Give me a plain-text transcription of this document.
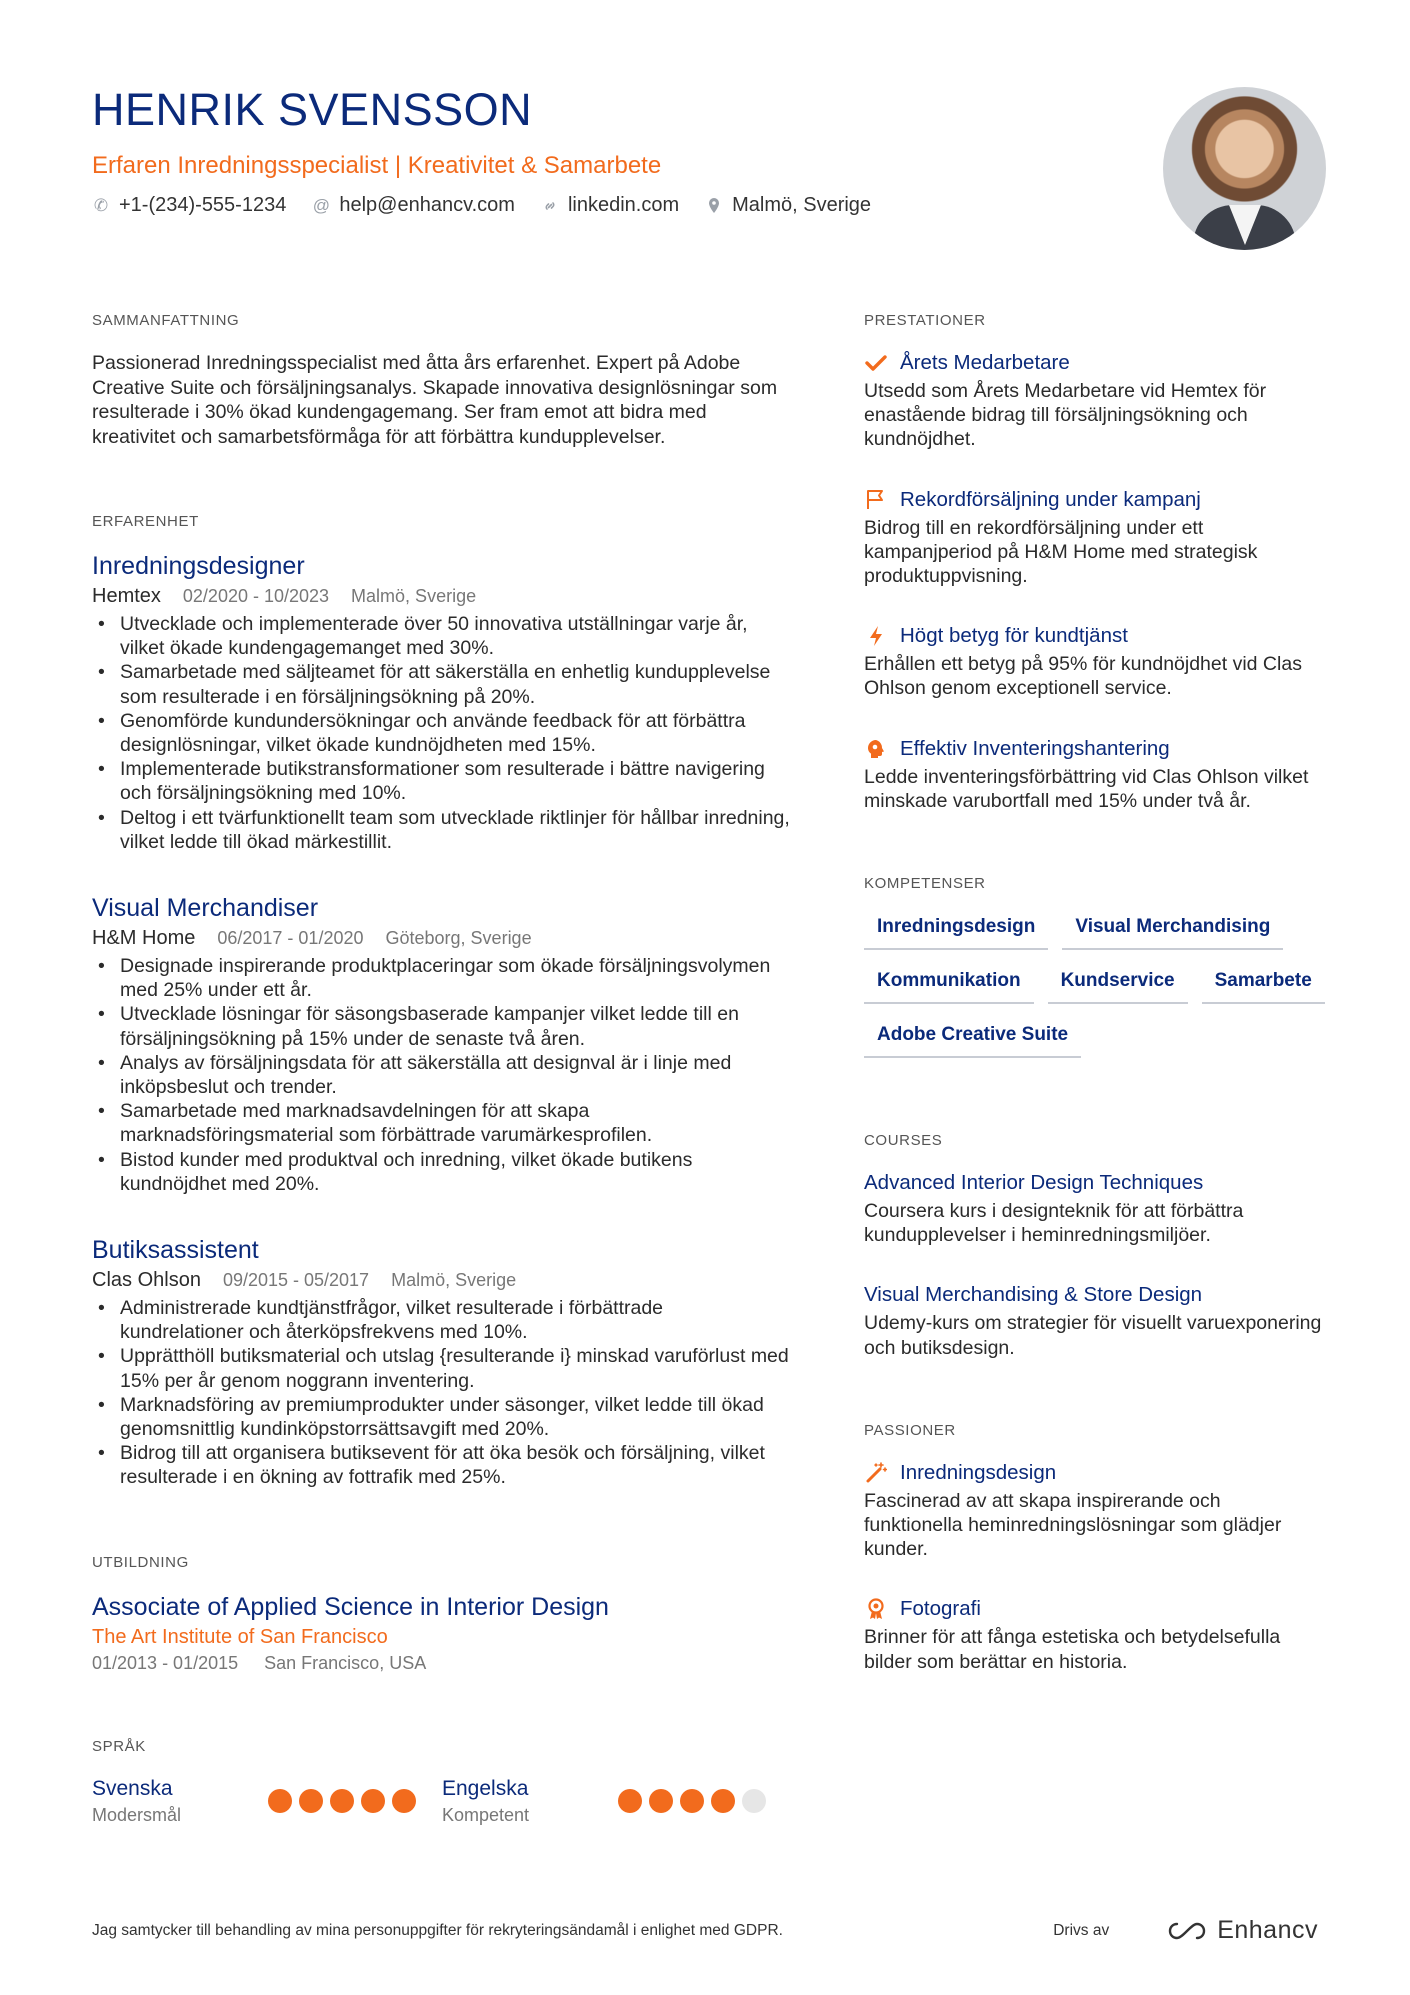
HENRIK SVENSSON
Erfaren Inredningsspecialist | Kreativitet & Samarbete
✆ +1-(234)-555-1234 @ help@enhancv.com	linkedin.com	Malmö, Sverige
SAMMANFATTNING
Passionerad Inredningsspecialist med åtta års erfarenhet. Expert på Adobe Creative Suite och försäljningsanalys. Skapade innovativa designlösningar som resulterade i 30% ökad kundengagemang. Ser fram emot att bidra med kreativitet och samarbetsförmåga för att förbättra kundupplevelser.
ERFARENHET
Inredningsdesigner
Hemtex 02/2020 - 10/2023 Malmö, Sverige
• Utvecklade och implementerade över 50 innovativa utställningar varje år, vilket ökade kundengagemanget med 30%.
• Samarbetade med säljteamet för att säkerställa en enhetlig kundupplevelse som resulterade i en försäljningsökning på 20%.
• Genomförde kundundersökningar och använde feedback för att förbättra designlösningar, vilket ökade kundnöjdheten med 15%.
• Implementerade butikstransformationer som resulterade i bättre navigering och försäljningsökning med 10%.
• Deltog i ett tvärfunktionellt team som utvecklade riktlinjer för hållbar inredning, vilket ledde till ökad märkestillit.
Visual Merchandiser
H&M Home 06/2017 - 01/2020 Göteborg, Sverige
• Designade inspirerande produktplaceringar som ökade försäljningsvolymen med 25% under ett år.
• Utvecklade lösningar för säsongsbaserade kampanjer vilket ledde till en försäljningsökning på 15% under de senaste två åren.
• Analys av försäljningsdata för att säkerställa att designval är i linje med inköpsbeslut och trender.
• Samarbetade med marknadsavdelningen för att skapa marknadsföringsmaterial som förbättrade varumärkesprofilen.
• Bistod kunder med produktval och inredning, vilket ökade butikens kundnöjdhet med 20%.
Butiksassistent
Clas Ohlson 09/2015 - 05/2017 Malmö, Sverige
• Administrerade kundtjänstfrågor, vilket resulterade i förbättrade kundrelationer och återköpsfrekvens med 10%.
• Upprätthöll butiksmaterial och utslag {resulterande i} minskad varuförlust med 15% per år genom noggrann inventering.
• Marknadsföring av premiumprodukter under säsonger, vilket ledde till ökad genomsnittlig kundinköpstorrsättsavgift med 20%.
• Bidrog till att organisera butiksevent för att öka besök och försäljning, vilket resulterade i en ökning av fottrafik med 25%.
UTBILDNING
Associate of Applied Science in Interior Design
The Art Institute of San Francisco
01/2013 - 01/2015 San Francisco, USA
SPRÅK
Svenska
Modersmål
Engelska
Kompetent
PRESTATIONER
Årets Medarbetare
Utsedd som Årets Medarbetare vid Hemtex för enastående bidrag till försäljningsökning och kundnöjdhet.
Rekordförsäljning under kampanj
Bidrog till en rekordförsäljning under ett kampanjperiod på H&M Home med strategisk produktuppvisning.
Högt betyg för kundtjänst
Erhållen ett betyg på 95% för kundnöjdhet vid Clas Ohlson genom exceptionell service.
Effektiv Inventeringshantering
Ledde inventeringsförbättring vid Clas Ohlson vilket minskade varubortfall med 15% under två år.
KOMPETENSER
Inredningsdesign	Visual Merchandising
Kommunikation	Kundservice	Samarbete
Adobe Creative Suite
COURSES
Advanced Interior Design Techniques
Coursera kurs i designteknik för att förbättra kundupplevelser i heminredningsmiljöer.
Visual Merchandising & Store Design
Udemy-kurs om strategier för visuellt varuexponering och butiksdesign.
PASSIONER
Inredningsdesign
Fascinerad av att skapa inspirerande och funktionella heminredningslösningar som glädjer kunder.
Fotografi
Brinner för att fånga estetiska och betydelsefulla bilder som berättar en historia.
Jag samtycker till behandling av mina personuppgifter för rekryteringsändamål i enlighet med GDPR.	Drivs av	Enhancv
